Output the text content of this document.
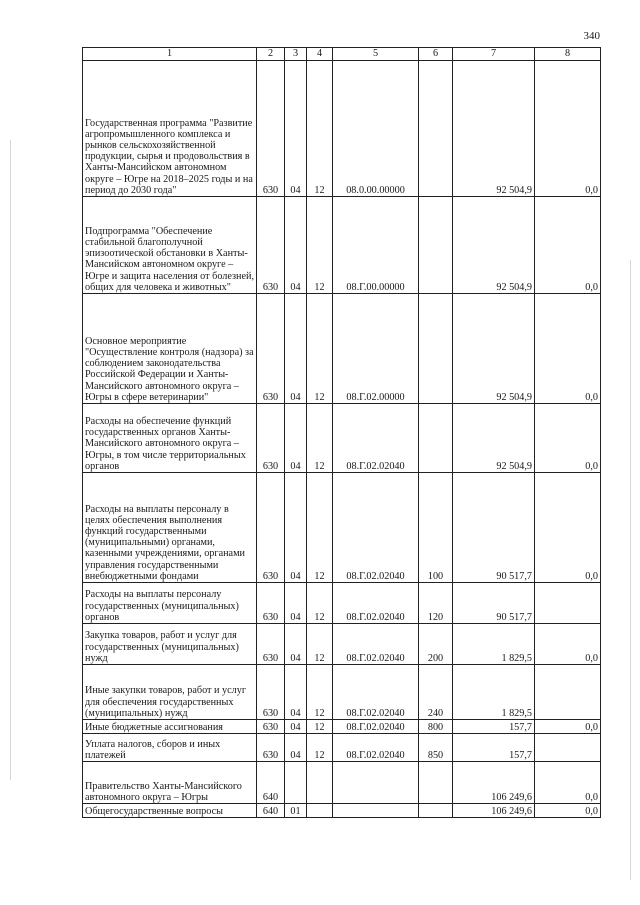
340
1	2	3	4	5	6	7	8
Государственная программа "Развитие агропромышленного комплекса и рынков сельскохозяйственной продукции, сырья и продовольствия в Ханты-Мансийском автономном округе – Югре на 2018–2025 годы и на период до 2030 года"	630	04	12	08.0.00.00000		92 504,9	0,0
Подпрограмма "Обеспечение стабильной благополучной эпизоотической обстановки в Ханты-Мансийском автономном округе – Югре и защита населения от болезней, общих для человека и животных"	630	04	12	08.Г.00.00000		92 504,9	0,0
Основное мероприятие "Осуществление контроля (надзора) за соблюдением законодательства Российской Федерации и Ханты-Мансийского автономного округа – Югры в сфере ветеринарии"	630	04	12	08.Г.02.00000		92 504,9	0,0
Расходы на обеспечение функций государственных органов Ханты-Мансийского автономного округа – Югры, в том числе территориальных органов	630	04	12	08.Г.02.02040		92 504,9	0,0
Расходы на выплаты персоналу в целях обеспечения выполнения функций государственными (муниципальными) органами, казенными учреждениями, органами управления государственными внебюджетными фондами	630	04	12	08.Г.02.02040	100	90 517,7	0,0
Расходы на выплаты персоналу государственных (муниципальных) органов	630	04	12	08.Г.02.02040	120	90 517,7	
Закупка товаров, работ и услуг для государственных (муниципальных) нужд	630	04	12	08.Г.02.02040	200	1 829,5	0,0
Иные закупки товаров, работ и услуг для обеспечения государственных (муниципальных) нужд	630	04	12	08.Г.02.02040	240	1 829,5	
Иные бюджетные ассигнования	630	04	12	08.Г.02.02040	800	157,7	0,0
Уплата налогов, сборов и иных платежей	630	04	12	08.Г.02.02040	850	157,7	
Правительство Ханты-Мансийского автономного округа – Югры	640					106 249,6	0,0
Общегосударственные вопросы	640	01				106 249,6	0,0
